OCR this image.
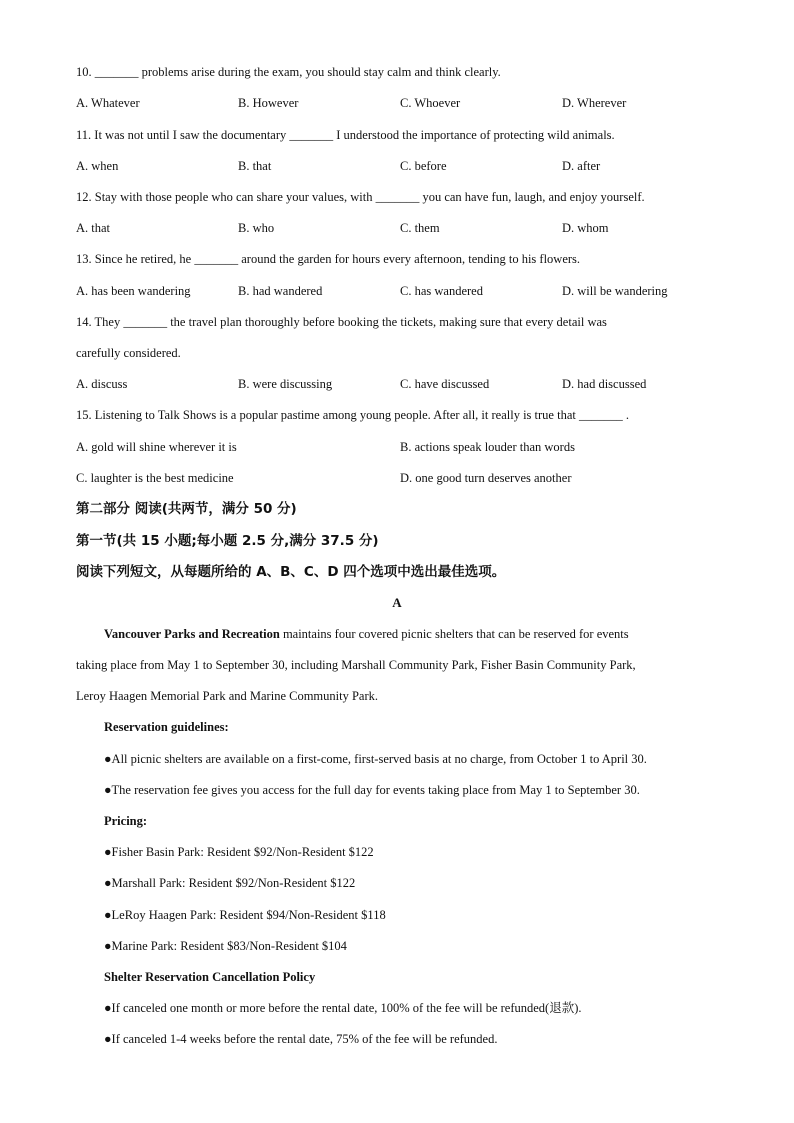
10. _______ problems arise during the exam, you should stay calm and think clearly.
A. Whatever	B. However	C. Whoever	D. Wherever
11. It was not until I saw the documentary _______ I understood the importance of protecting wild animals.
A. when	B. that	C. before	D. after
12. Stay with those people who can share your values, with _______ you can have fun, laugh, and enjoy yourself.
A. that	B. who	C. them	D. whom
13. Since he retired, he _______ around the garden for hours every afternoon, tending to his flowers.
A. has been wandering	B. had wandered	C. has wandered	D. will be wandering
14. They _______ the travel plan thoroughly before booking the tickets, making sure that every detail was
carefully considered.
A. discuss	B. were discussing	C. have discussed	D. had discussed
15. Listening to Talk Shows is a popular pastime among young people. After all, it really is true that _______ .
A. gold will shine wherever it is	B. actions speak louder than words
C. laughter is the best medicine	D. one good turn deserves another
第二部分 阅读(共两节，满分 50 分)
第一节(共 15 小题;每小题 2.5 分,满分 37.5 分)
阅读下列短文，从每题所给的 A、B、C、D 四个选项中选出最佳选项。
A
Vancouver Parks and Recreation maintains four covered picnic shelters that can be reserved for events
taking place from May 1 to September 30, including Marshall Community Park, Fisher Basin Community Park,
Leroy Haagen Memorial Park and Marine Community Park.
Reservation guidelines:
●All picnic shelters are available on a first-come, first-served basis at no charge, from October 1 to April 30.
●The reservation fee gives you access for the full day for events taking place from May 1 to September 30.
Pricing:
●Fisher Basin Park: Resident $92/Non-Resident $122
●Marshall Park: Resident $92/Non-Resident $122
●LeRoy Haagen Park: Resident $94/Non-Resident $118
●Marine Park: Resident $83/Non-Resident $104
Shelter Reservation Cancellation Policy
●If canceled one month or more before the rental date, 100% of the fee will be refunded(退款).
●If canceled 1-4 weeks before the rental date, 75% of the fee will be refunded.
